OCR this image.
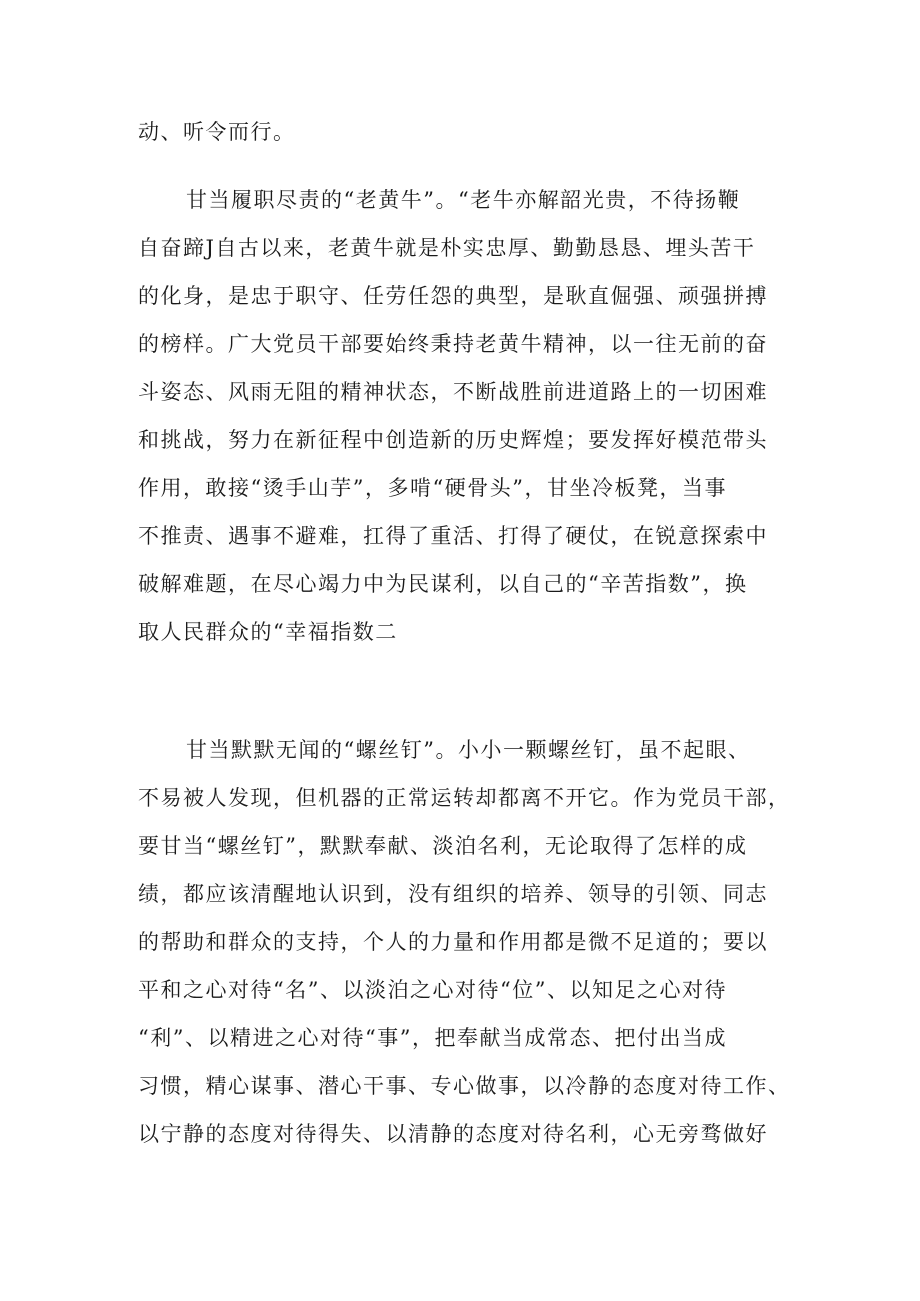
动、听令而行。
甘当履职尽责的“老黄牛”。“老牛亦解韶光贵，不待扬鞭
自奋蹄J自古以来，老黄牛就是朴实忠厚、勤勤恳恳、埋头苦干
的化身，是忠于职守、任劳任怨的典型，是耿直倔强、顽强拼搏
的榜样。广大党员干部要始终秉持老黄牛精神，以一往无前的奋
斗姿态、风雨无阻的精神状态，不断战胜前进道路上的一切困难
和挑战，努力在新征程中创造新的历史辉煌；要发挥好模范带头
作用，敢接“烫手山芋”，多啃“硬骨头”，甘坐冷板凳，当事
不推责、遇事不避难，扛得了重活、打得了硬仗，在锐意探索中
破解难题，在尽心竭力中为民谋利，以自己的“辛苦指数”，换
取人民群众的“幸福指数二
甘当默默无闻的“螺丝钉”。小小一颗螺丝钉，虽不起眼、
不易被人发现，但机器的正常运转却都离不开它。作为党员干部，
要甘当“螺丝钉”，默默奉献、淡泊名利，无论取得了怎样的成
绩，都应该清醒地认识到，没有组织的培养、领导的引领、同志
的帮助和群众的支持，个人的力量和作用都是微不足道的；要以
平和之心对待“名”、以淡泊之心对待“位”、以知足之心对待
“利”、以精进之心对待“事”，把奉献当成常态、把付出当成
习惯，精心谋事、潜心干事、专心做事，以冷静的态度对待工作、
以宁静的态度对待得失、以清静的态度对待名利，心无旁骛做好
